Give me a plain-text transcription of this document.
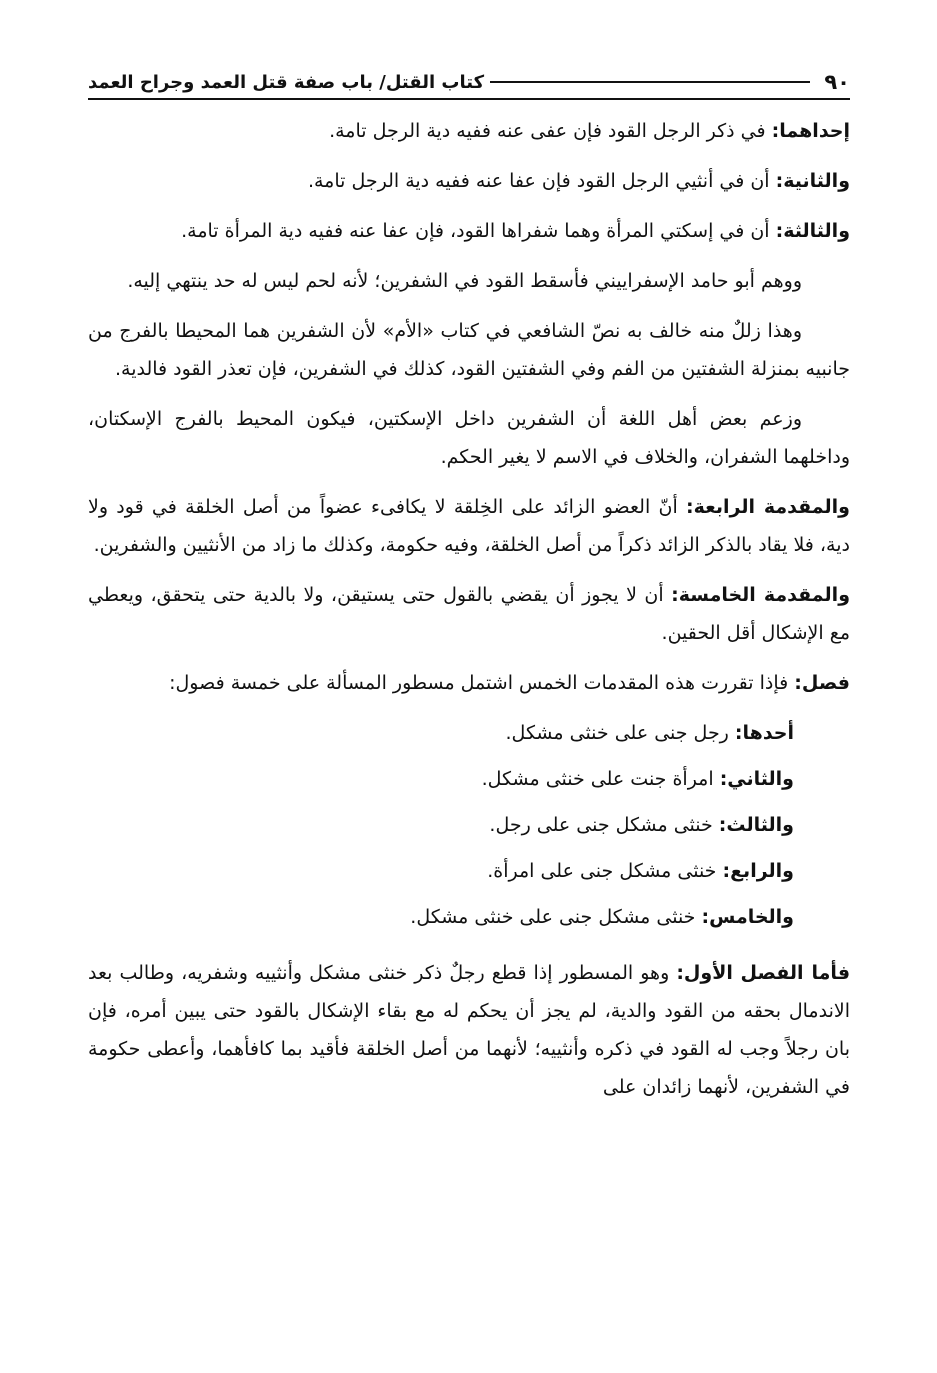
٩٠
كتاب القتل/ باب صفة قتل العمد وجراح العمد

إحداهما: في ذكر الرجل القود فإن عفى عنه ففيه دية الرجل تامة.

والثانية: أن في أنثيي الرجل القود فإن عفا عنه ففيه دية الرجل تامة.

والثالثة: أن في إسكتي المرأة وهما شفراها القود، فإن عفا عنه ففيه دية المرأة تامة.

ووهم أبو حامد الإسفراييني فأسقط القود في الشفرين؛ لأنه لحم ليس له حد ينتهي إليه.

وهذا زللٌ منه خالف به نصّ الشافعي في كتاب «الأم» لأن الشفرين هما المحيطا بالفرج من جانبيه بمنزلة الشفتين من الفم وفي الشفتين القود، كذلك في الشفرين، فإن تعذر القود فالدية.

وزعم بعض أهل اللغة أن الشفرين داخل الإسكتين، فيكون المحيط بالفرج الإسكتان، وداخلهما الشفران، والخلاف في الاسم لا يغير الحكم.

والمقدمة الرابعة: أنّ العضو الزائد على الخِلقة لا يكافىء عضواً من أصل الخلقة في قود ولا دية، فلا يقاد بالذكر الزائد ذكراً من أصل الخلقة، وفيه حكومة، وكذلك ما زاد من الأنثيين والشفرين.

والمقدمة الخامسة: أن لا يجوز أن يقضي بالقول حتى يستيقن، ولا بالدية حتى يتحقق، ويعطي مع الإشكال أقل الحقين.

فصل: فإذا تقررت هذه المقدمات الخمس اشتمل مسطور المسألة على خمسة فصول:

أحدها: رجل جنى على خنثى مشكل.
والثاني: امرأة جنت على خنثى مشكل.
والثالث: خنثى مشكل جنى على رجل.
والرابع: خنثى مشكل جنى على امرأة.
والخامس: خنثى مشكل جنى على خنثى مشكل.

فأماالفصل الأول: وهو المسطور إذا قطع رجلٌ ذكر خنثى مشكل وأنثييه وشفريه، وطالب بعد الاندمال بحقه من القود والدية، لم يجز أن يحكم له مع بقاء الإشكال بالقود حتى يبين أمره، فإن بان رجلاً وجب له القود في ذكره وأنثييه؛ لأنهما من أصل الخلقة فأقيد بما كافأهما، وأعطى حكومة في الشفرين، لأنهما زائدان على
